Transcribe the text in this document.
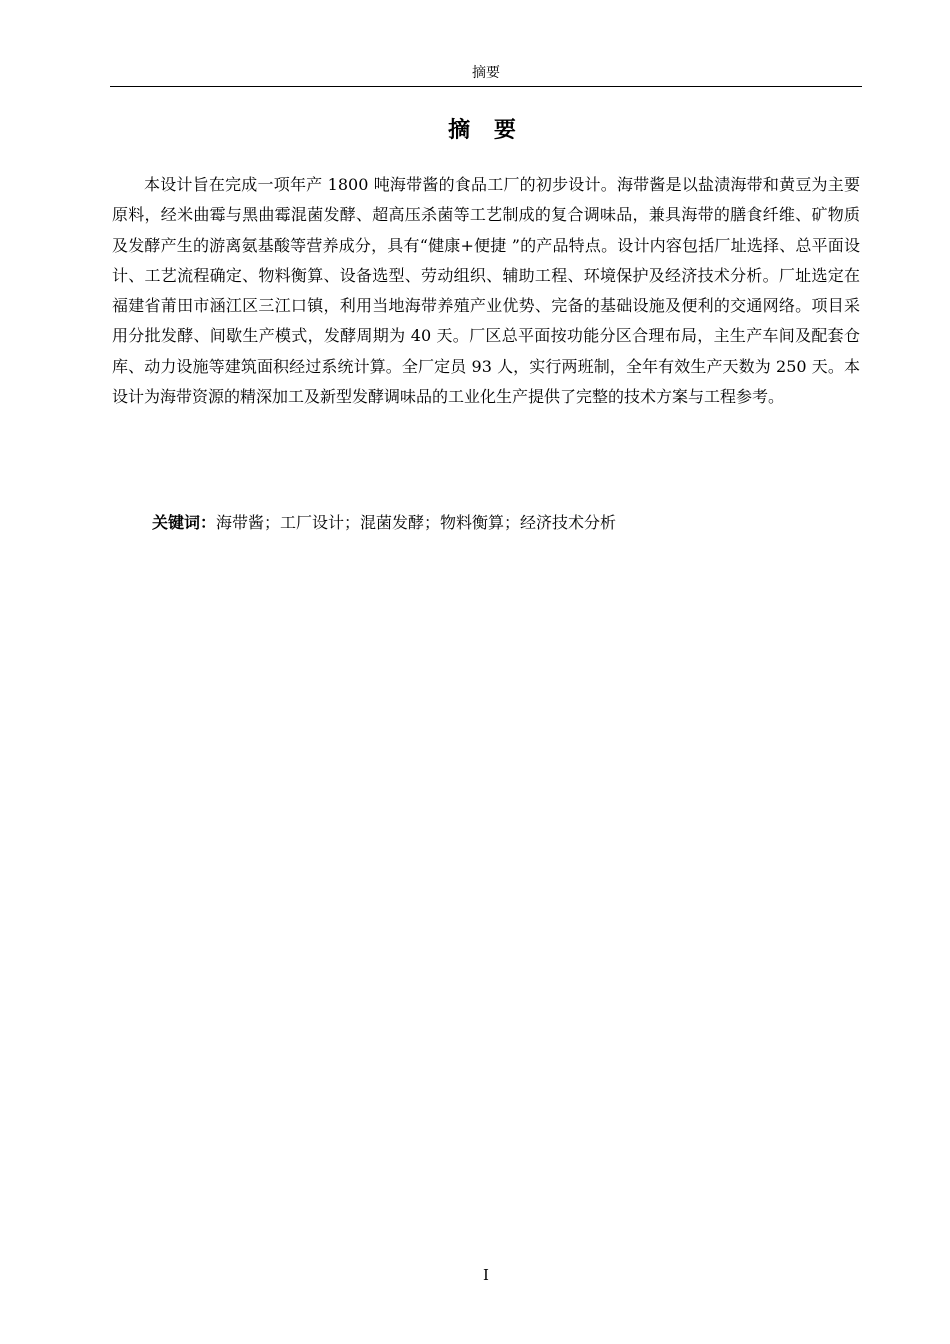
摘要
摘 要

本设计旨在完成一项年产 1800 吨海带酱的食品工厂的初步设计。海带酱是以盐渍海带和黄豆为主要原料，经米曲霉与黑曲霉混菌发酵、超高压杀菌等工艺制成的复合调味品，兼具海带的膳食纤维、矿物质及发酵产生的游离氨基酸等营养成分，具有“健康+便捷 ”的产品特点。设计内容包括厂址选择、总平面设计、工艺流程确定、物料衡算、设备选型、劳动组织、辅助工程、环境保护及经济技术分析。厂址选定在福建省莆田市涵江区三江口镇，利用当地海带养殖产业优势、完备的基础设施及便利的交通网络。项目采用分批发酵、间歇生产模式，发酵周期为 40 天。厂区总平面按功能分区合理布局，主生产车间及配套仓库、动力设施等建筑面积经过系统计算。全厂定员 93 人，实行两班制，全年有效生产天数为 250 天。本设计为海带资源的精深加工及新型发酵调味品的工业化生产提供了完整的技术方案与工程参考。

关键词：海带酱；工厂设计；混菌发酵；物料衡算；经济技术分析

I
